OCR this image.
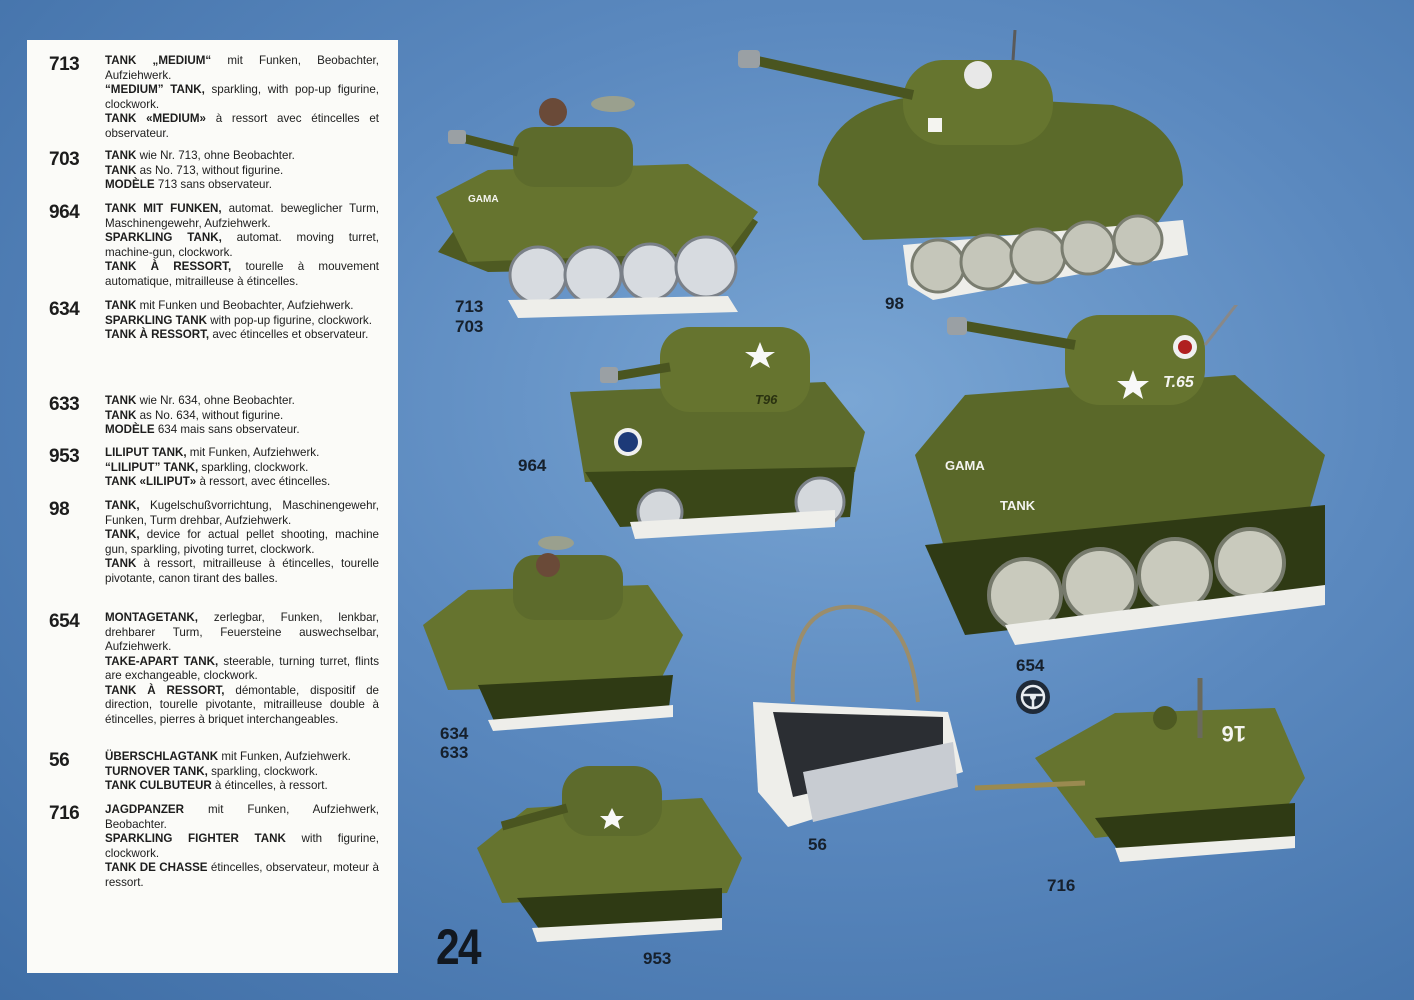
713	TANK „MEDIUM“ mit Funken, Beobachter, Aufziehwerk.

“MEDIUM” TANK, sparkling, with pop-up figurine, clockwork.

TANK «MEDIUM» à ressort avec étincelles et observateur.

703	TANK wie Nr. 713, ohne Beobachter.

TANK as No. 713, without figurine.

MODÈLE 713 sans observateur.

964	TANK MIT FUNKEN, automat. beweglicher Turm, Maschinengewehr, Aufziehwerk.

SPARKLING TANK, automat. moving turret, machine-gun, clockwork.

TANK À RESSORT, tourelle à mouvement automatique, mitrailleuse à étincelles.

634	TANK mit Funken und Beobachter, Aufziehwerk.

SPARKLING TANK with pop-up figurine, clockwork.

TANK À RESSORT, avec étincelles et observateur.

633	TANK wie Nr. 634, ohne Beobachter.

TANK as No. 634, without figurine.

MODÈLE 634 mais sans observateur.

953	LILIPUT TANK, mit Funken, Aufziehwerk.

“LILIPUT” TANK, sparkling, clockwork.

TANK «LILIPUT» à ressort, avec étincelles.

98	TANK, Kugelschußvorrichtung, Maschinengewehr, Funken, Turm drehbar, Aufziehwerk.

TANK, device for actual pellet shooting, machine gun, sparkling, pivoting turret, clockwork.

TANK à ressort, mitrailleuse à étincelles, tourelle pivotante, canon tirant des balles.

654	MONTAGETANK, zerlegbar, Funken, lenkbar, drehbarer Turm, Feuersteine auswechselbar, Aufziehwerk.

TAKE-APART TANK, steerable, turning turret, flints are exchangeable, clockwork.

TANK À RESSORT, démontable, dispositif de direction, tourelle pivotante, mitrailleuse double à étincelles, pierres à briquet interchangeables.

56	ÜBERSCHLAGTANK mit Funken, Aufziehwerk.

TURNOVER TANK, sparkling, clockwork.

TANK CULBUTEUR à étincelles, à ressort.

716	JAGDPANZER mit Funken, Aufziehwerk, Beobachter.

SPARKLING FIGHTER TANK with figurine, clockwork.

TANK DE CHASSE étincelles, observateur, moteur à ressort.

GAMA
T96
T.65
GAMA
TANK
16
713
703
98
964
654
634
633
56
716
953
24
